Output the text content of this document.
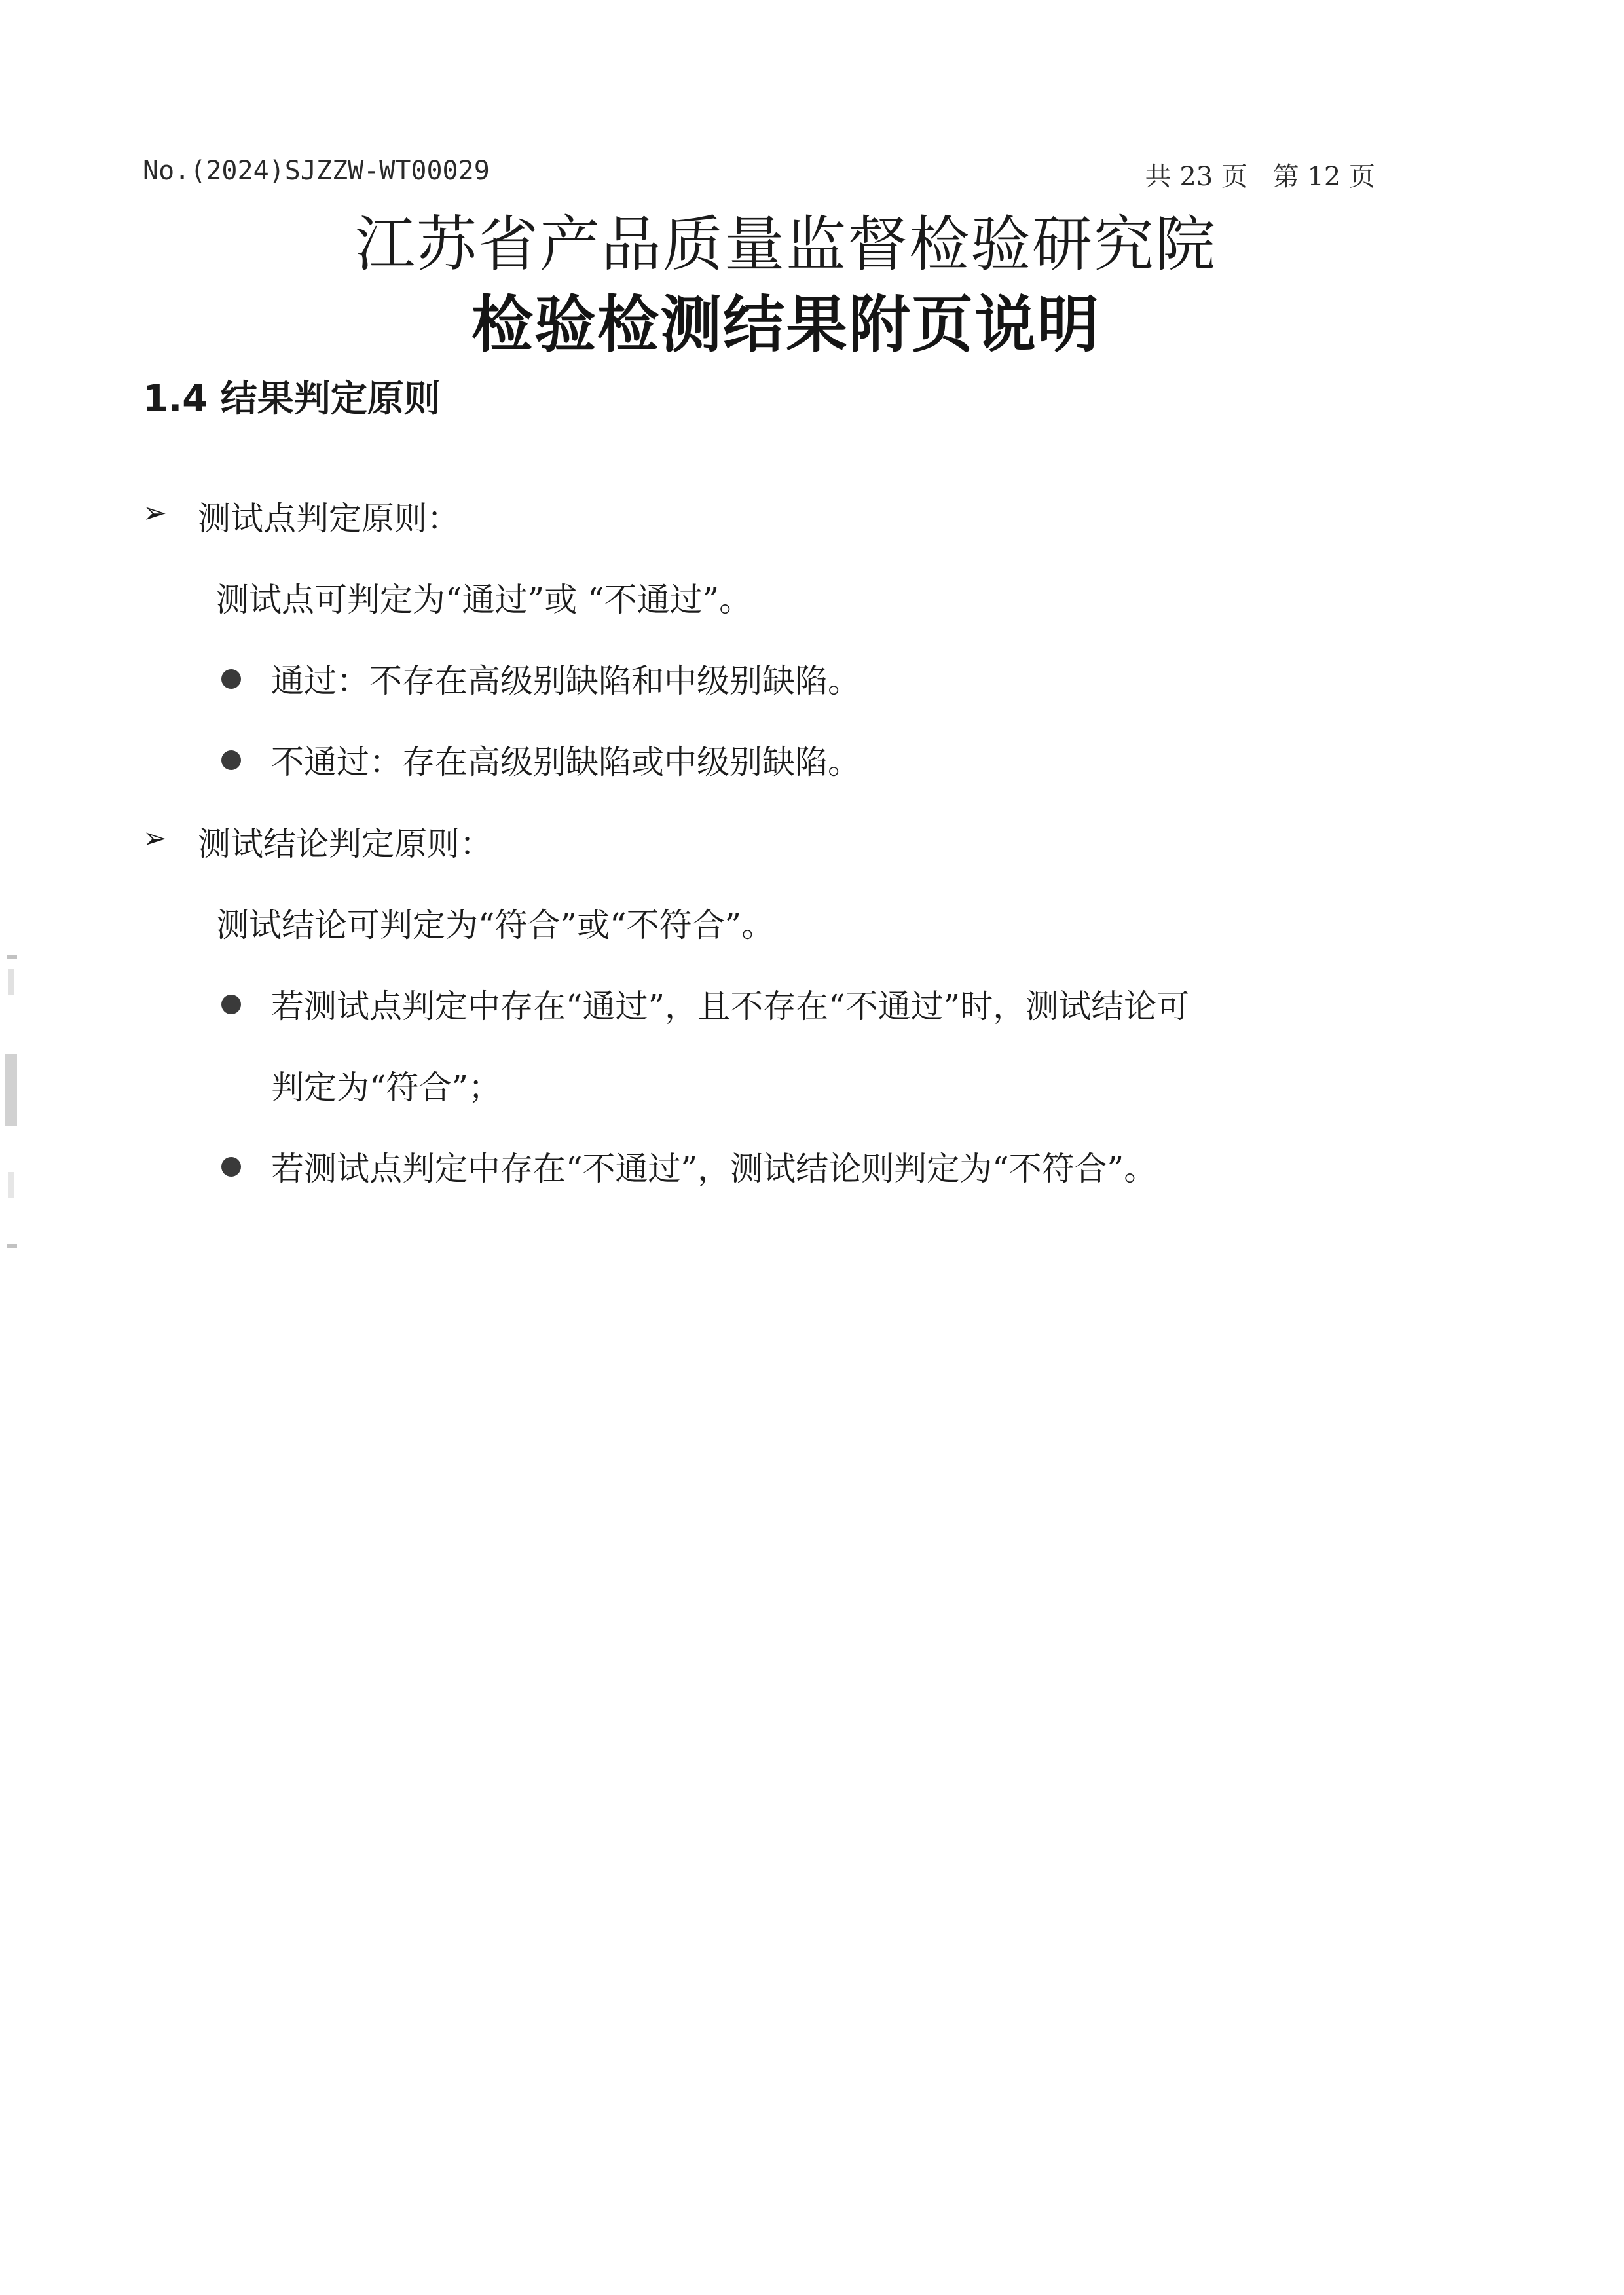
No.(2024)SJZZW-WT00029	共 23 页 第 12 页
江苏省产品质量监督检验研究院
检验检测结果附页说明
1.4 结果判定原则
➢ 测试点判定原则：
测试点可判定为“通过”或 “不通过”。
通过：不存在高级别缺陷和中级别缺陷。
不通过：存在高级别缺陷或中级别缺陷。
➢ 测试结论判定原则：
测试结论可判定为“符合”或“不符合”。
若测试点判定中存在“通过”，且不存在“不通过”时，测试结论可
判定为“符合”；
若测试点判定中存在“不通过”，测试结论则判定为“不符合”。
